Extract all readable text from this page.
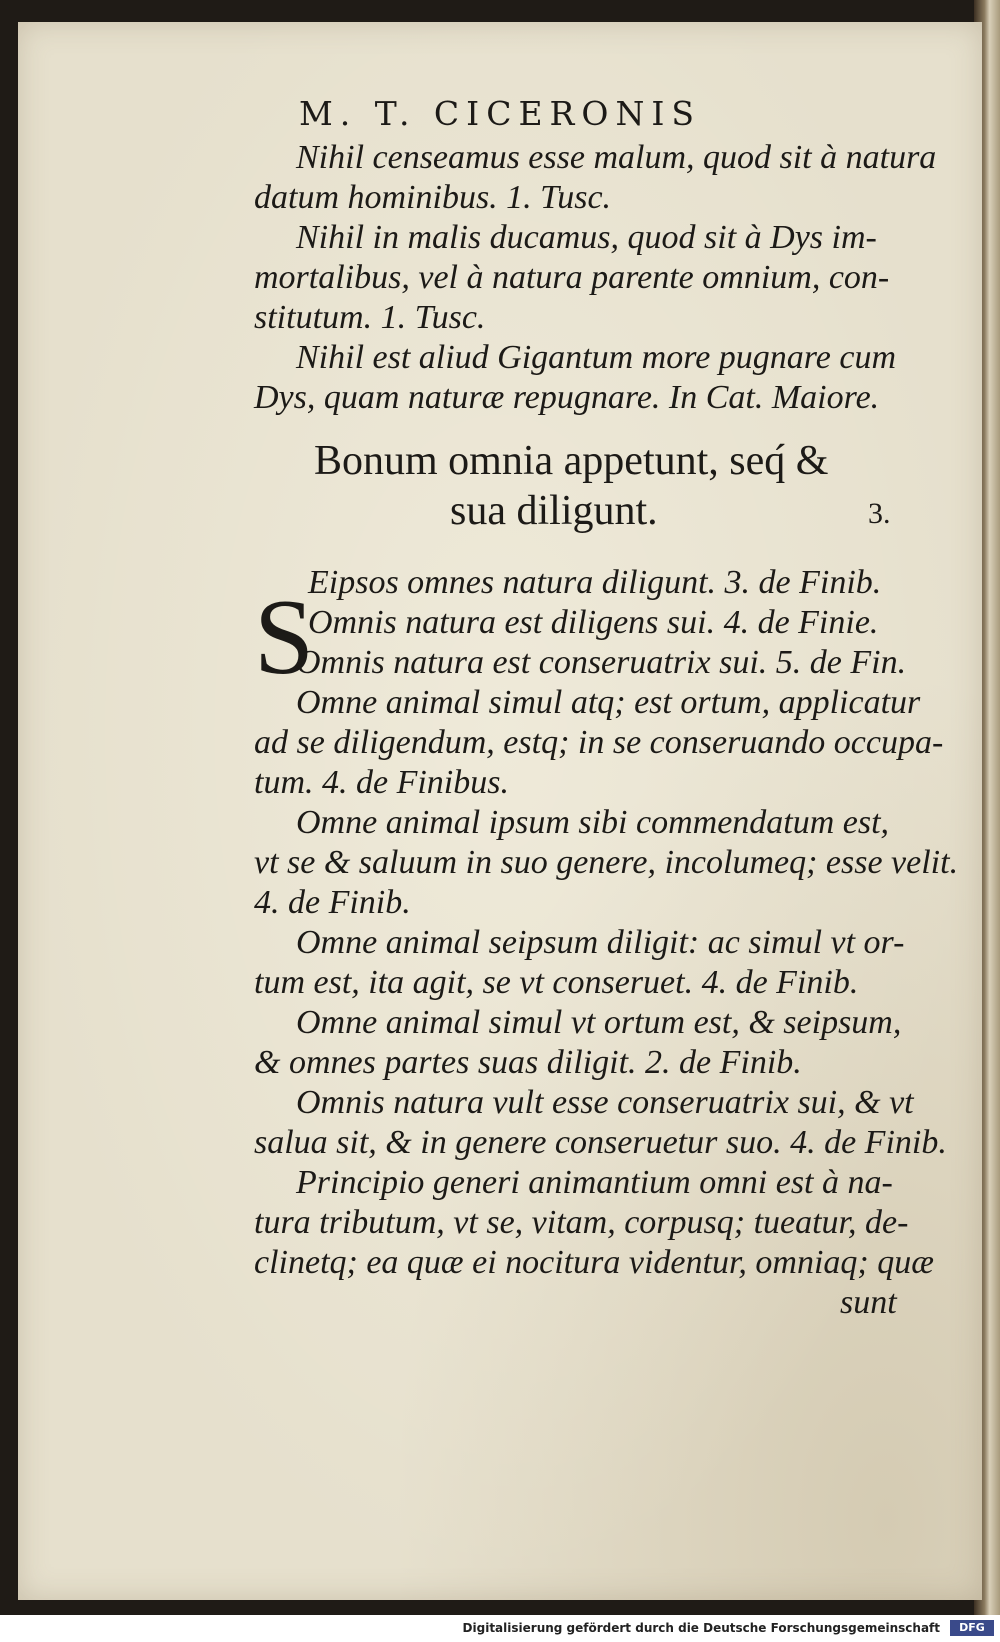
M. T. CICERONIS
Nihil censeamus esse malum, quod sit à natura
datum hominibus. 1. Tusc.
Nihil in malis ducamus, quod sit à Dys im-
mortalibus, vel à natura parente omnium, con-
stitutum. 1. Tusc.
Nihil est aliud Gigantum more pugnare cum
Dys, quam naturæ repugnare. In Cat. Maiore.
Bonum omnia appetunt, seq́ &
sua diligunt.	3.
S
Eipsos omnes natura diligunt. 3. de Finib.
Omnis natura est diligens sui. 4. de Finie.
Omnis natura est conseruatrix sui. 5. de Fin.
Omne animal simul atq; est ortum, applicatur
ad se diligendum, estq; in se conseruando occupa-
tum. 4. de Finibus.
Omne animal ipsum sibi commendatum est,
vt se & saluum in suo genere, incolumeq; esse velit.
4. de Finib.
Omne animal seipsum diligit: ac simul vt or-
tum est, ita agit, se vt conseruet. 4. de Finib.
Omne animal simul vt ortum est, & seipsum,
& omnes partes suas diligit. 2. de Finib.
Omnis natura vult esse conseruatrix sui, & vt
salua sit, & in genere conseruetur suo. 4. de Finib.
Principio generi animantium omni est à na-
tura tributum, vt se, vitam, corpusq; tueatur, de-
clinetq; ea quæ ei nocitura videntur, omniaq; quæ
sunt
Digitalisierung gefördert durch die Deutsche Forschungsgemeinschaft	DFG
